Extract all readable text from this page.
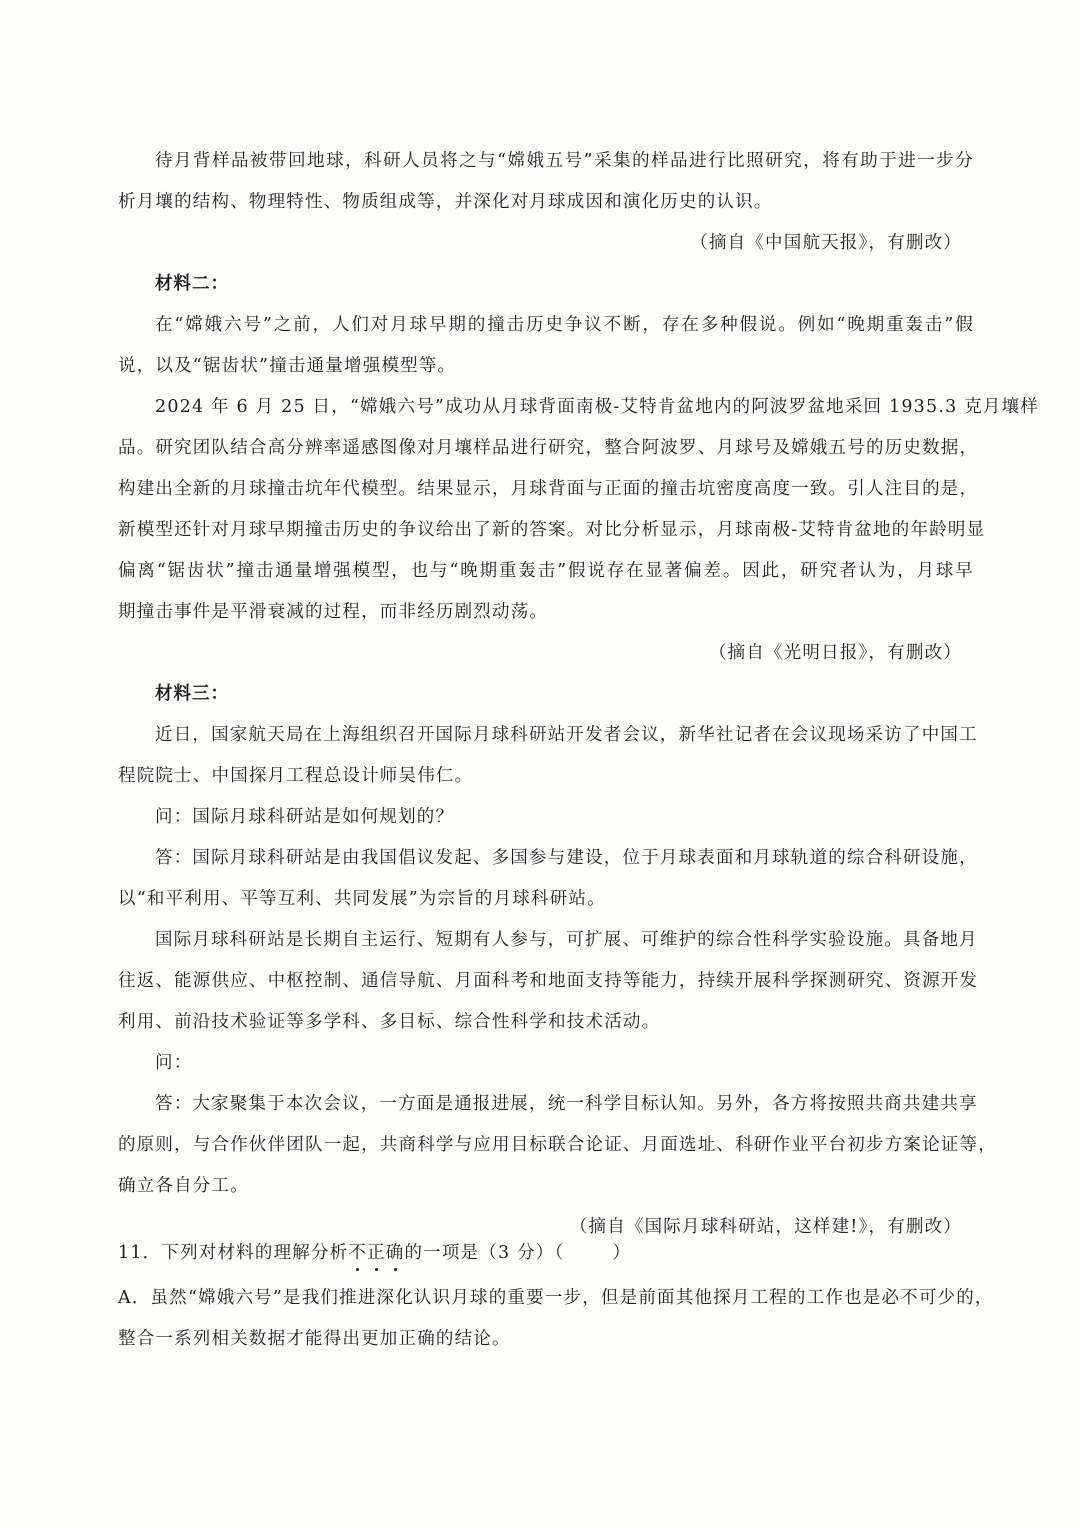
待月背样品被带回地球，科研人员将之与“嫦娥五号”采集的样品进行比照研究，将有助于进一步分
析月壤的结构、物理特性、物质组成等，并深化对月球成因和演化历史的认识。
（摘自《中国航天报》，有删改）
材料二：
在“嫦娥六号”之前，人们对月球早期的撞击历史争议不断，存在多种假说。例如“晚期重轰击”假
说，以及“锯齿状”撞击通量增强模型等。
2024 年 6 月 25 日，“嫦娥六号”成功从月球背面南极-艾特肯盆地内的阿波罗盆地采回 1935.3 克月壤样
品。研究团队结合高分辨率遥感图像对月壤样品进行研究，整合阿波罗、月球号及嫦娥五号的历史数据，
构建出全新的月球撞击坑年代模型。结果显示，月球背面与正面的撞击坑密度高度一致。引人注目的是，
新模型还针对月球早期撞击历史的争议给出了新的答案。对比分析显示，月球南极-艾特肯盆地的年龄明显
偏离“锯齿状”撞击通量增强模型，也与“晚期重轰击”假说存在显著偏差。因此，研究者认为，月球早
期撞击事件是平滑衰减的过程，而非经历剧烈动荡。
（摘自《光明日报》，有删改）
材料三：
近日，国家航天局在上海组织召开国际月球科研站开发者会议，新华社记者在会议现场采访了中国工
程院院士、中国探月工程总设计师吴伟仁。
问：国际月球科研站是如何规划的？
答：国际月球科研站是由我国倡议发起、多国参与建设，位于月球表面和月球轨道的综合科研设施，
以“和平利用、平等互利、共同发展”为宗旨的月球科研站。
国际月球科研站是长期自主运行、短期有人参与，可扩展、可维护的综合性科学实验设施。具备地月
往返、能源供应、中枢控制、通信导航、月面科考和地面支持等能力，持续开展科学探测研究、资源开发
利用、前沿技术验证等多学科、多目标、综合性科学和技术活动。
问：
答：大家聚集于本次会议，一方面是通报进展，统一科学目标认知。另外，各方将按照共商共建共享
的原则，与合作伙伴团队一起，共商科学与应用目标联合论证、月面选址、科研作业平台初步方案论证等，
确立各自分工。
（摘自《国际月球科研站，这样建!》，有删改）
11．下列对材料的理解分析不正确的一项是（3 分）（	）
A．虽然“嫦娥六号”是我们推进深化认识月球的重要一步，但是前面其他探月工程的工作也是必不可少的，
整合一系列相关数据才能得出更加正确的结论。
